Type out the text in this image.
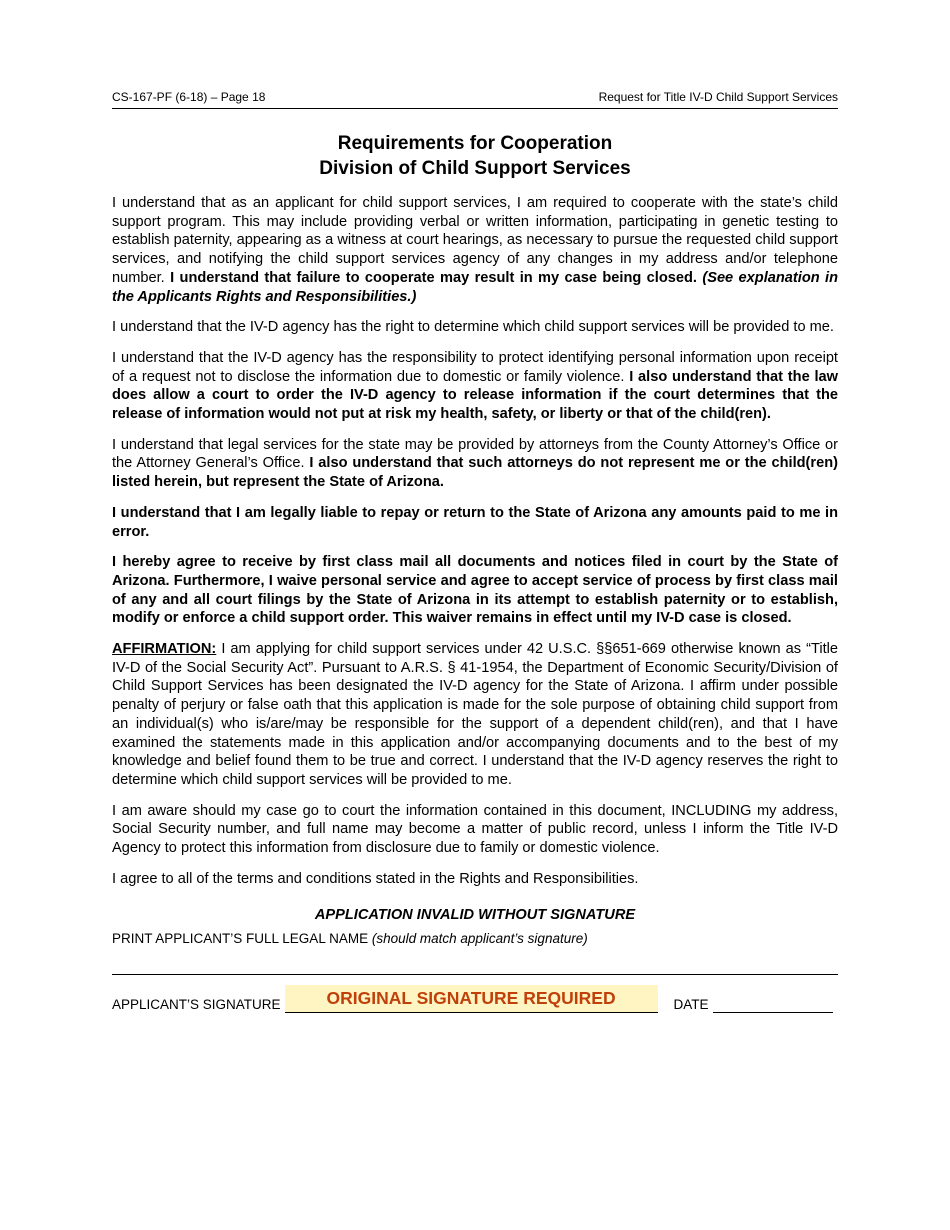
CS-167-PF (6-18) – Page 18	Request for Title IV-D Child Support Services
Requirements for Cooperation
Division of Child Support Services

I understand that as an applicant for child support services, I am required to cooperate with the state’s child support program. This may include providing verbal or written information, participating in genetic testing to establish paternity, appearing as a witness at court hearings, as necessary to pursue the requested child support services, and notifying the child support services agency of any changes in my address and/or telephone number. I understand that failure to cooperate may result in my case being closed. (See explanation in the Applicants Rights and Responsibilities.)

I understand that the IV-D agency has the right to determine which child support services will be provided to me.

I understand that the IV-D agency has the responsibility to protect identifying personal information upon receipt of a request not to disclose the information due to domestic or family violence. I also understand that the law does allow a court to order the IV-D agency to release information if the court determines that the release of information would not put at risk my health, safety, or liberty or that of the child(ren).

I understand that legal services for the state may be provided by attorneys from the County Attorney’s Office or the Attorney General’s Office. I also understand that such attorneys do not represent me or the child(ren) listed herein, but represent the State of Arizona.

I understand that I am legally liable to repay or return to the State of Arizona any amounts paid to me in error.

I hereby agree to receive by first class mail all documents and notices filed in court by the State of Arizona. Furthermore, I waive personal service and agree to accept service of process by first class mail of any and all court filings by the State of Arizona in its attempt to establish paternity or to establish, modify or enforce a child support order. This waiver remains in effect until my IV-D case is closed.

AFFIRMATION: I am applying for child support services under 42 U.S.C. §§651-669 otherwise known as “Title IV-D of the Social Security Act”. Pursuant to A.R.S. § 41-1954, the Department of Economic Security/Division of Child Support Services has been designated the IV-D agency for the State of Arizona. I affirm under possible penalty of perjury or false oath that this application is made for the sole purpose of obtaining child support from an individual(s) who is/are/may be responsible for the support of a dependent child(ren), and that I have examined the statements made in this application and/or accompanying documents and to the best of my knowledge and belief found them to be true and correct. I understand that the IV-D agency reserves the right to determine which child support services will be provided to me.

I am aware should my case go to court the information contained in this document, INCLUDING my address, Social Security number, and full name may become a matter of public record, unless I inform the Title IV-D Agency to protect this information from disclosure due to family or domestic violence.

I agree to all of the terms and conditions stated in the Rights and Responsibilities.

APPLICATION INVALID WITHOUT SIGNATURE
PRINT APPLICANT’S FULL LEGAL NAME (should match applicant’s signature)
APPLICANT’S SIGNATURE	ORIGINAL SIGNATURE REQUIRED	DATE
